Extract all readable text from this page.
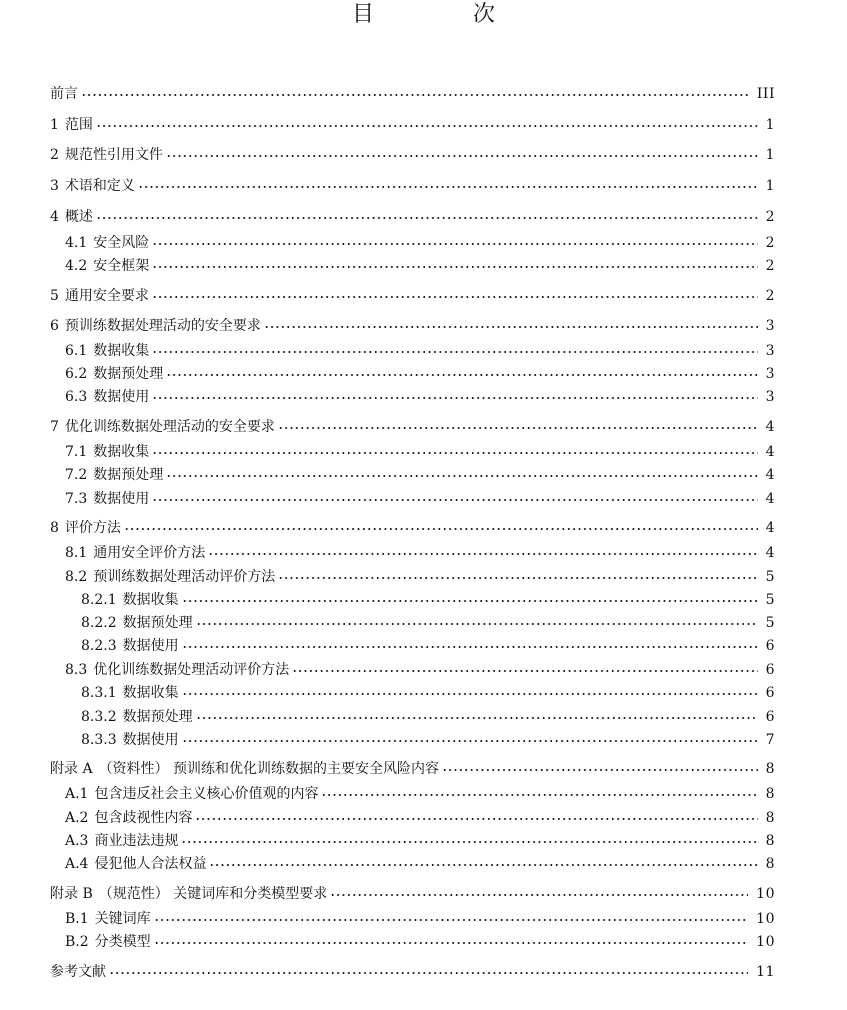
目 次
前言	III
1 范围	1
2 规范性引用文件	1
3 术语和定义	1
4 概述	2
4.1 安全风险	2
4.2 安全框架	2
5 通用安全要求	2
6 预训练数据处理活动的安全要求	3
6.1 数据收集	3
6.2 数据预处理	3
6.3 数据使用	3
7 优化训练数据处理活动的安全要求	4
7.1 数据收集	4
7.2 数据预处理	4
7.3 数据使用	4
8 评价方法	4
8.1 通用安全评价方法	4
8.2 预训练数据处理活动评价方法	5
8.2.1 数据收集	5
8.2.2 数据预处理	5
8.2.3 数据使用	6
8.3 优化训练数据处理活动评价方法	6
8.3.1 数据收集	6
8.3.2 数据预处理	6
8.3.3 数据使用	7
附录 A （资料性） 预训练和优化训练数据的主要安全风险内容	8
A.1 包含违反社会主义核心价值观的内容	8
A.2 包含歧视性内容	8
A.3 商业违法违规	8
A.4 侵犯他人合法权益	8
附录 B （规范性） 关键词库和分类模型要求	10
B.1 关键词库	10
B.2 分类模型	10
参考文献	11
